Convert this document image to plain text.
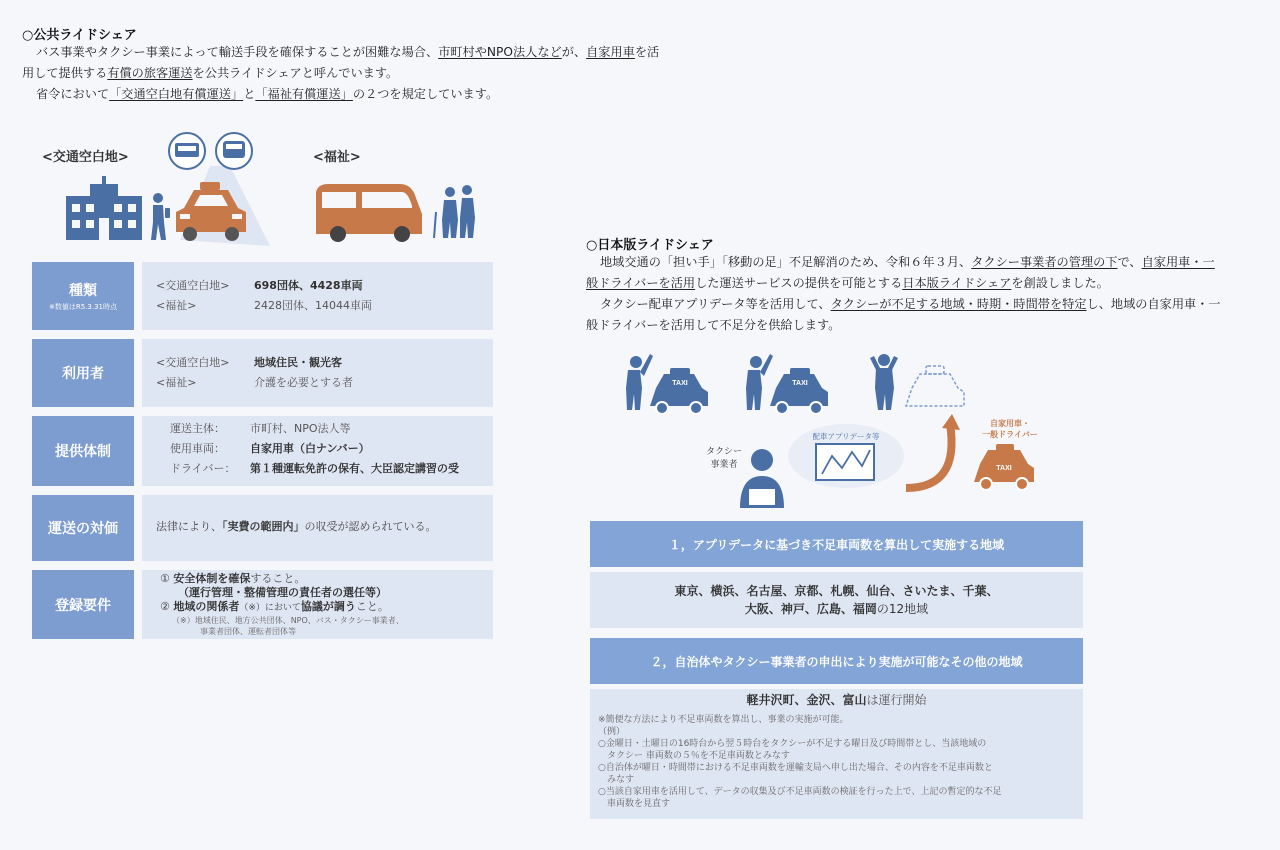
○公共ライドシェア
バス事業やタクシー事業によって輸送手段を確保することが困難な場合、市町村やNPO法人などが、自家用車を活
用して提供する有償の旅客運送を公共ライドシェアと呼んでいます。
省令において「交通空白地有償運送」と「福祉有償運送」の２つを規定しています。
<交通空白地>	<福祉>
種類
※数値はR5.3.31時点
<交通空白地> 698団体、4428車両
<福祉>	2428団体、14044車両
利用者
<交通空白地> 地域住民・観光客
<福祉>	介護を必要とする者
提供体制
運送主体： 市町村、NPO法人等
使用車両： 自家用車（白ナンバー）
ドライバー： 第１種運転免許の保有、大臣認定講習の受
運送の対価	法律により、「実費の範囲内」の収受が認められている。
登録要件
① 安全体制を確保すること。
（運行管理・整備管理の責任者の選任等）
② 地域の関係者（※）において協議が調うこと。
（※）地域住民、地方公共団体、NPO、バス・タクシー事業者、
事業者団体、運転者団体等
○日本版ライドシェア
地域交通の「担い手」「移動の足」不足解消のため、令和６年３月、タクシー事業者の管理の下で、自家用車・一
般ドライバーを活用した運送サービスの提供を可能とする日本版ライドシェアを創設しました。
タクシー配車アプリデータ等を活用して、タクシーが不足する地域・時期・時間帯を特定し、地域の自家用車・一
般ドライバーを活用して不足分を供給します。
TAXI	TAXI
タクシー
事業者
配車アプリデータ等
自家用車・
一般ドライバー
TAXI
１，アプリデータに基づき不足車両数を算出して実施する地域
東京、横浜、名古屋、京都、札幌、仙台、さいたま、千葉、
大阪、神戸、広島、福岡の12地域
２，自治体やタクシー事業者の申出により実施が可能なその他の地域
軽井沢町、金沢、富山は運行開始
※簡便な方法により不足車両数を算出し、事業の実施が可能。
（例）
○金曜日・土曜日の16時台から翌５時台をタクシーが不足する曜日及び時間帯とし、当該地域の
　タクシー 車両数の５％を不足車両数とみなす
○自治体が曜日・時間帯における不足車両数を運輸支局へ申し出た場合、その内容を不足車両数と
　みなす
○当該自家用車を活用して、データの収集及び不足車両数の検証を行った上で、上記の暫定的な不足
　車両数を見直す
